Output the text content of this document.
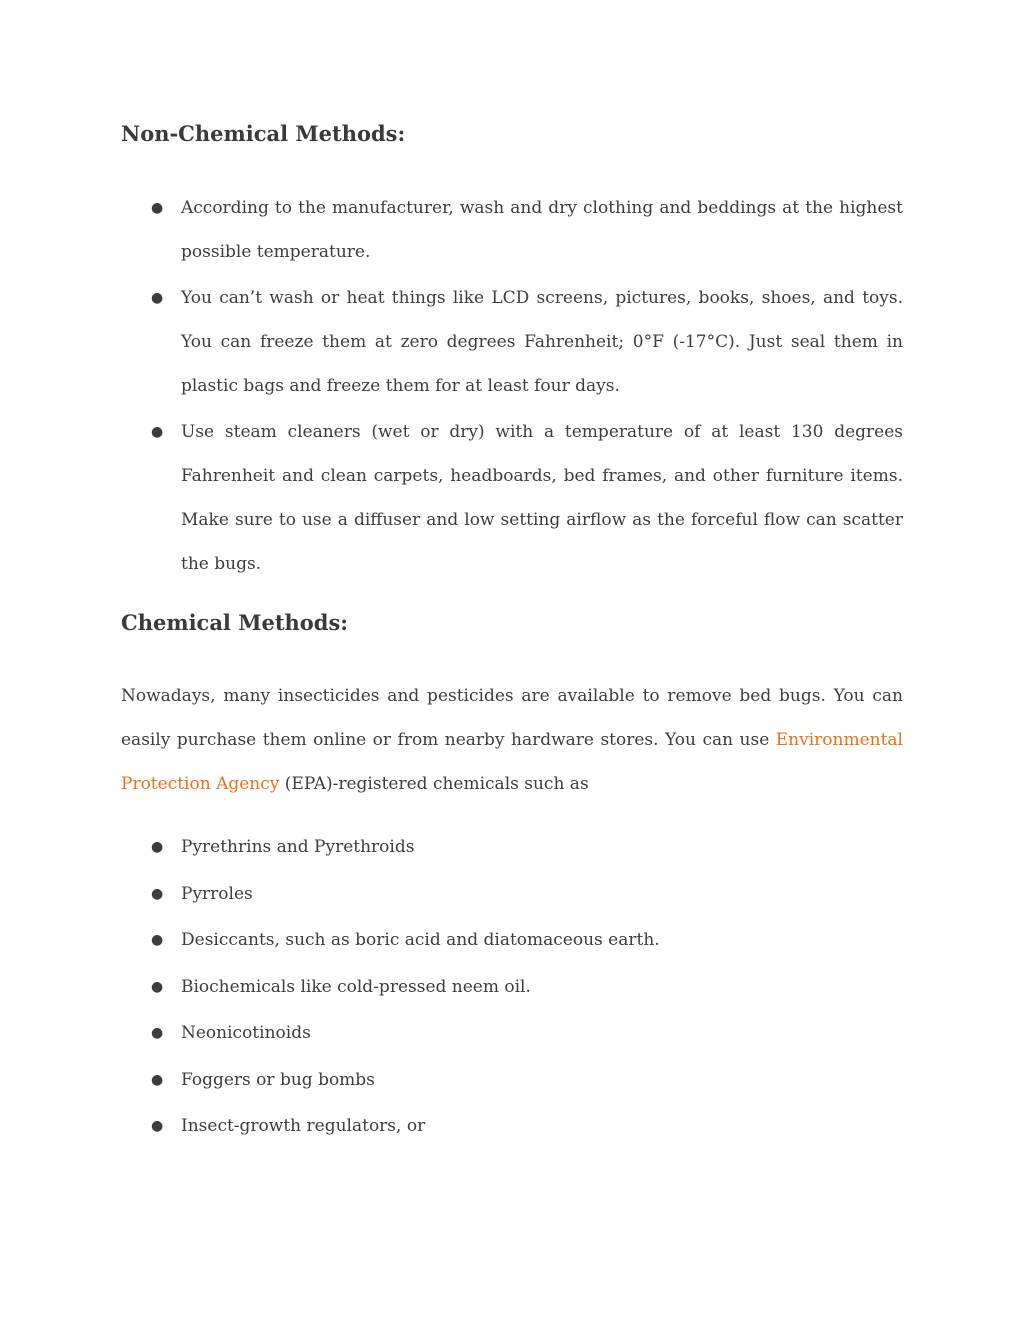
Non-Chemical Methods:
● According to the manufacturer, wash and dry clothing and beddings at the highest possible temperature.
● You can’t wash or heat things like LCD screens, pictures, books, shoes, and toys. You can freeze them at zero degrees Fahrenheit; 0°F (-17°C). Just seal them in plastic bags and freeze them for at least four days.
● Use steam cleaners (wet or dry) with a temperature of at least 130 degrees Fahrenheit and clean carpets, headboards, bed frames, and other furniture items. Make sure to use a diffuser and low setting airflow as the forceful flow can scatter the bugs.
Chemical Methods:

Nowadays, many insecticides and pesticides are available to remove bed bugs. You can easily purchase them online or from nearby hardware stores. You can use Environmental Protection Agency (EPA)-registered chemicals such as

● Pyrethrins and Pyrethroids
● Pyrroles
● Desiccants, such as boric acid and diatomaceous earth.
● Biochemicals like cold-pressed neem oil.
● Neonicotinoids
● Foggers or bug bombs
● Insect-growth regulators, or
